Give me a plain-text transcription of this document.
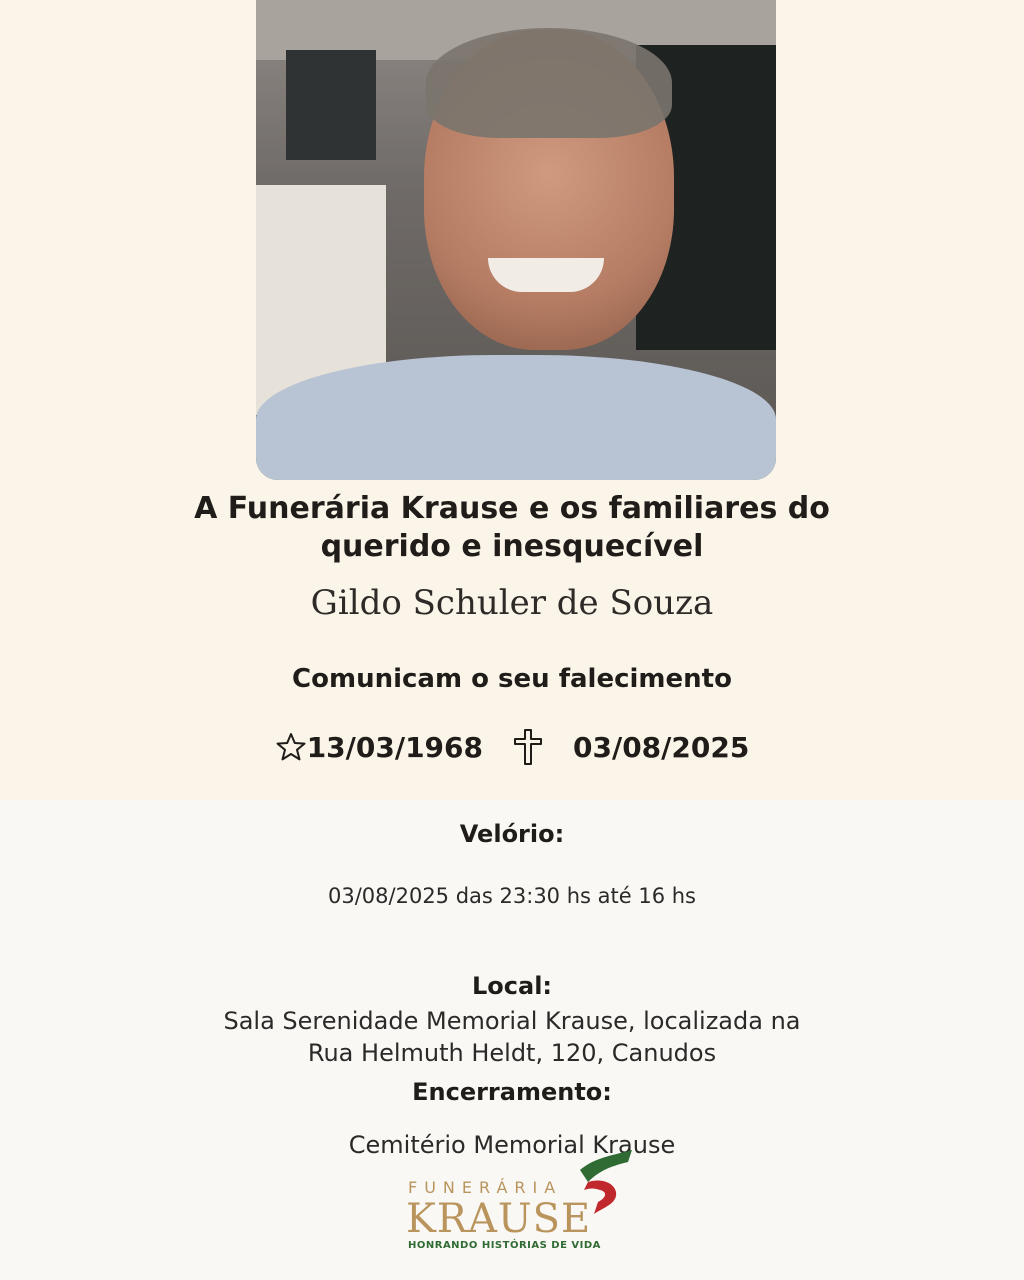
A Funerária Krause e os familiares do
querido e inesquecível
Gildo Schuler de Souza
Comunicam o seu falecimento
13/03/1968	03/08/2025
Velório:
03/08/2025 das 23:30 hs até 16 hs
Local:
Sala Serenidade Memorial Krause, localizada na
Rua Helmuth Heldt, 120, Canudos
Encerramento:
Cemitério Memorial Krause
FUNERÁRIA
KRAUSE
HONRANDO HISTÓRIAS DE VIDA
